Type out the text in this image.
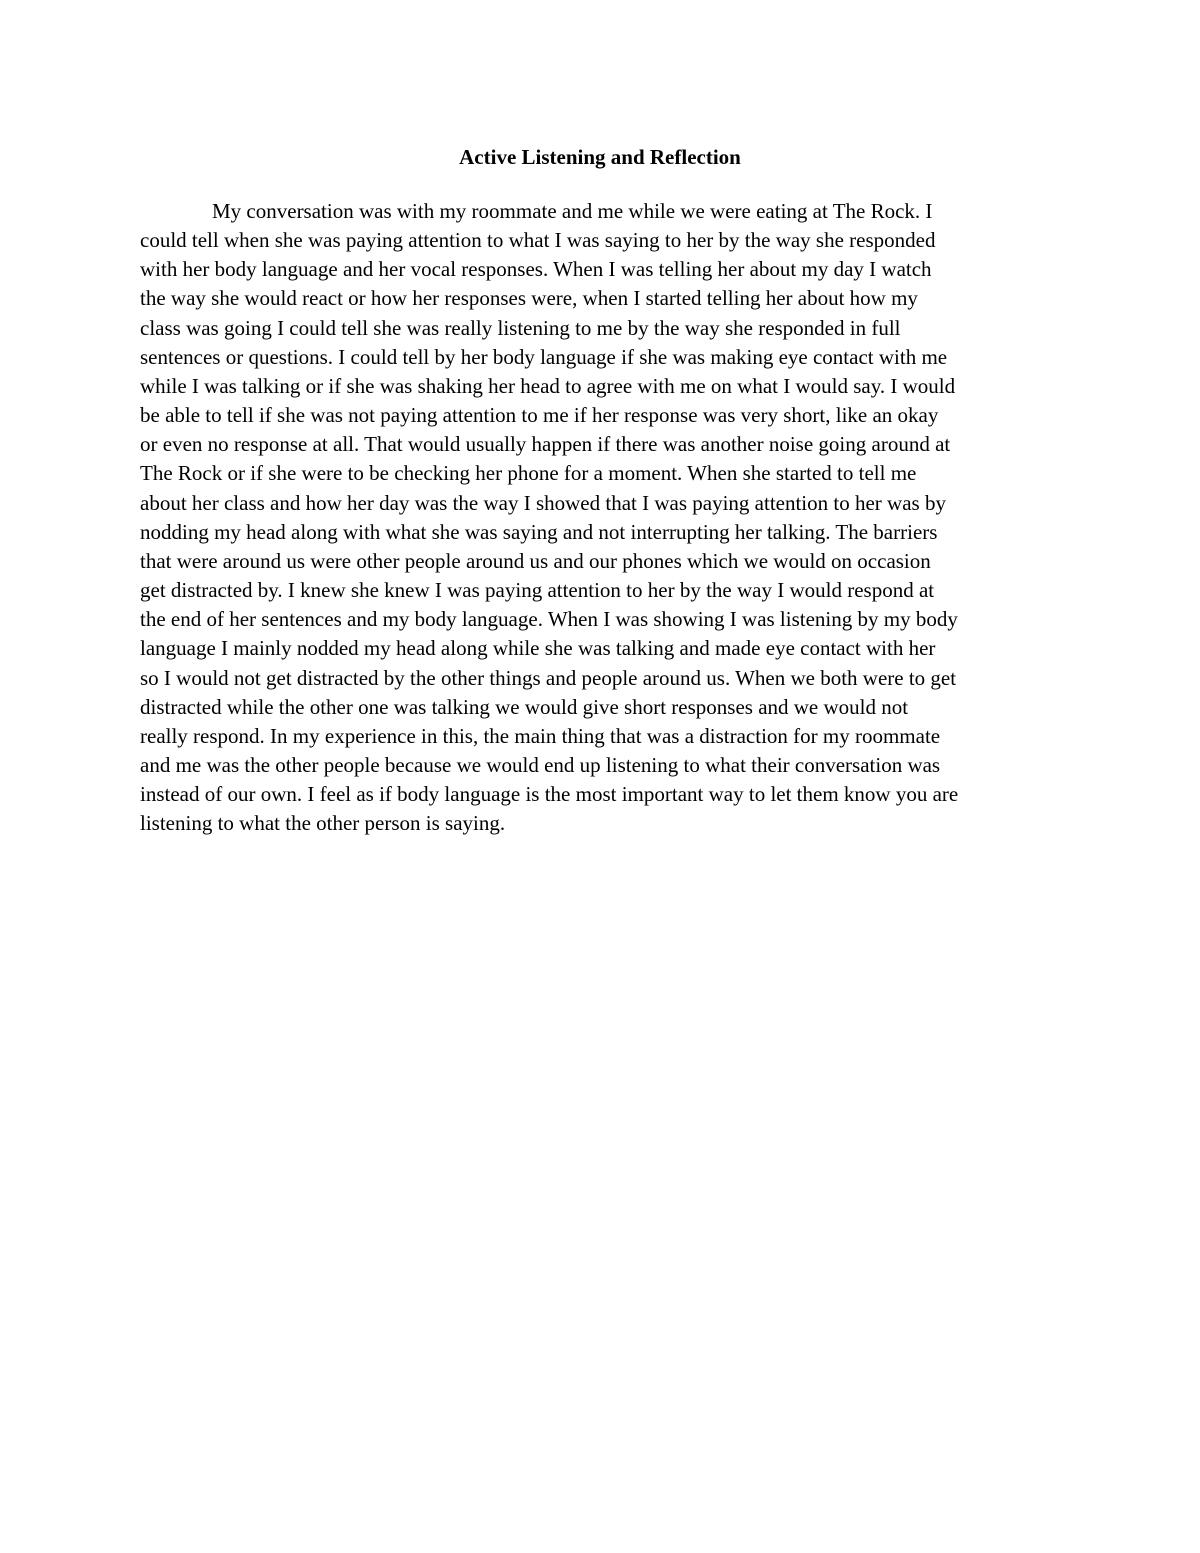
Active Listening and Reflection
My conversation was with my roommate and me while we were eating at The Rock. I
could tell when she was paying attention to what I was saying to her by the way she responded
with her body language and her vocal responses. When I was telling her about my day I watch
the way she would react or how her responses were, when I started telling her about how my
class was going I could tell she was really listening to me by the way she responded in full
sentences or questions. I could tell by her body language if she was making eye contact with me
while I was talking or if she was shaking her head to agree with me on what I would say. I would
be able to tell if she was not paying attention to me if her response was very short, like an okay
or even no response at all. That would usually happen if there was another noise going around at
The Rock or if she were to be checking her phone for a moment. When she started to tell me
about her class and how her day was the way I showed that I was paying attention to her was by
nodding my head along with what she was saying and not interrupting her talking. The barriers
that were around us were other people around us and our phones which we would on occasion
get distracted by. I knew she knew I was paying attention to her by the way I would respond at
the end of her sentences and my body language. When I was showing I was listening by my body
language I mainly nodded my head along while she was talking and made eye contact with her
so I would not get distracted by the other things and people around us. When we both were to get
distracted while the other one was talking we would give short responses and we would not
really respond. In my experience in this, the main thing that was a distraction for my roommate
and me was the other people because we would end up listening to what their conversation was
instead of our own. I feel as if body language is the most important way to let them know you are
listening to what the other person is saying.
